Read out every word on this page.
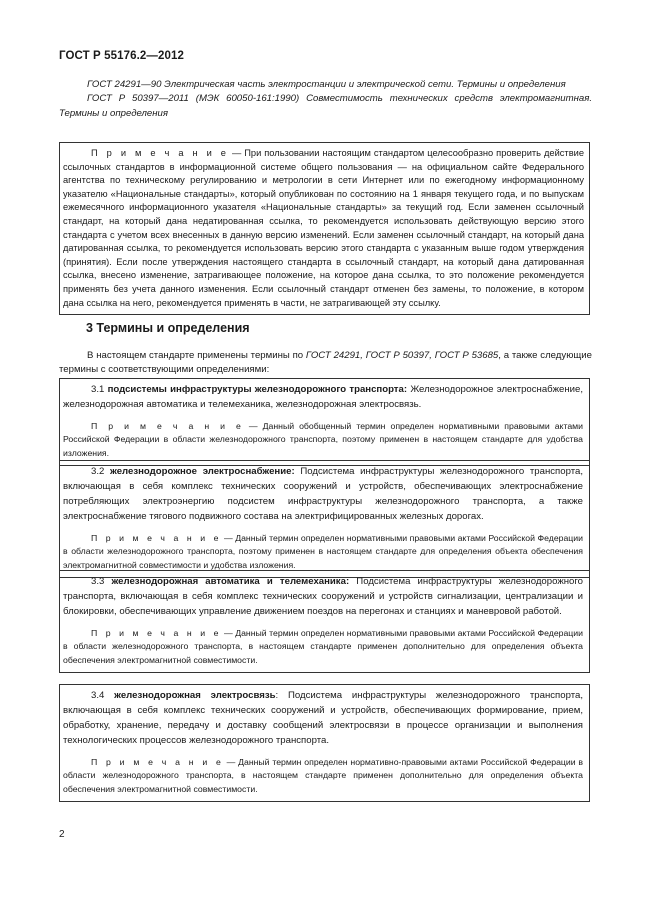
ГОСТ Р 55176.2—2012

ГОСТ 24291—90 Электрическая часть электростанции и электрической сети. Термины и определения

ГОСТ Р 50397—2011 (МЭК 60050-161:1990) Совместимость технических средств электромагнитная. Термины и определения

П р и м е ч а н и е — При пользовании настоящим стандартом целесообразно проверить действие ссылочных стандартов в информационной системе общего пользования — на официальном сайте Федерального агентства по техническому регулированию и метрологии в сети Интернет или по ежегодному информационному указателю «Национальные стандарты», который опубликован по состоянию на 1 января текущего года, и по выпускам ежемесячного информационного указателя «Национальные стандарты» за текущий год. Если заменен ссылочный стандарт, на который дана недатированная ссылка, то рекомендуется использовать действующую версию этого стандарта с учетом всех внесенных в данную версию изменений. Если заменен ссылочный стандарт, на который дана датированная ссылка, то рекомендуется использовать версию этого стандарта с указанным выше годом утверждения (принятия). Если после утверждения настоящего стандарта в ссылочный стандарт, на который дана датированная ссылка, внесено изменение, затрагивающее положение, на которое дана ссылка, то это положение рекомендуется применять без учета данного изменения. Если ссылочный стандарт отменен без замены, то положение, в котором дана ссылка на него, рекомендуется применять в части, не затрагивающей эту ссылку.

3 Термины и определения
В настоящем стандарте применены термины по ГОСТ 24291, ГОСТ Р 50397, ГОСТ Р 53685, а также следующие термины с соответствующими определениями:

3.1 подсистемы инфраструктуры железнодорожного транспорта: Железнодорожное электроснабжение, железнодорожная автоматика и телемеханика, железнодорожная электросвязь.

П р и м е ч а н и е — Данный обобщенный термин определен нормативными правовыми актами Российской Федерации в области железнодорожного транспорта, поэтому применен в настоящем стандарте для удобства изложения.

3.2 железнодорожное электроснабжение: Подсистема инфраструктуры железнодорожного транспорта, включающая в себя комплекс технических сооружений и устройств, обеспечивающих электроснабжение потребляющих электроэнергию подсистем инфраструктуры железнодорожного транспорта, а также электроснабжение тягового подвижного состава на электрифицированных железных дорогах.

П р и м е ч а н и е — Данный термин определен нормативными правовыми актами Российской Федерации в области железнодорожного транспорта, поэтому применен в настоящем стандарте для определения объекта обеспечения электромагнитной совместимости и удобства изложения.

3.3 железнодорожная автоматика и телемеханика: Подсистема инфраструктуры железнодорожного транспорта, включающая в себя комплекс технических сооружений и устройств сигнализации, централизации и блокировки, обеспечивающих управление движением поездов на перегонах и станциях и маневровой работой.

П р и м е ч а н и е — Данный термин определен нормативными правовыми актами Российской Федерации в области железнодорожного транспорта, в настоящем стандарте применен дополнительно для определения объекта обеспечения электромагнитной совместимости.

3.4 железнодорожная электросвязь: Подсистема инфраструктуры железнодорожного транспорта, включающая в себя комплекс технических сооружений и устройств, обеспечивающих формирование, прием, обработку, хранение, передачу и доставку сообщений электросвязи в процессе организации и выполнения технологических процессов железнодорожного транспорта.

П р и м е ч а н и е — Данный термин определен нормативно-правовыми актами Российской Федерации в области железнодорожного транспорта, в настоящем стандарте применен дополнительно для определения объекта обеспечения электромагнитной совместимости.

2
